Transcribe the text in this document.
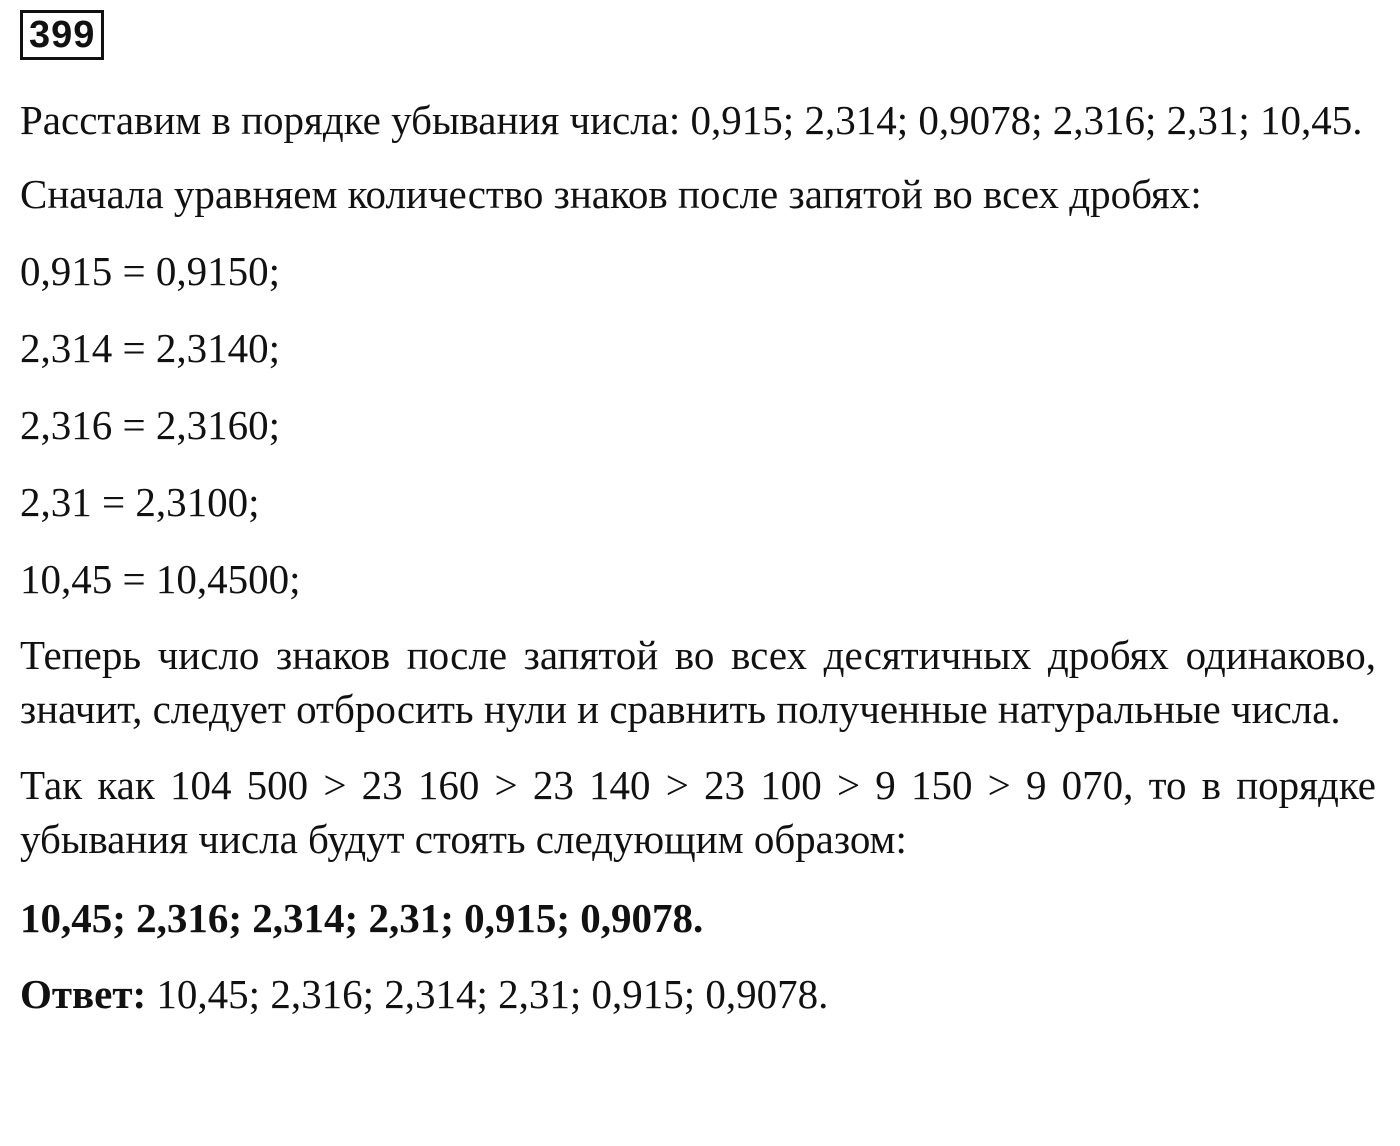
399

Расставим в порядке убывания числа: 0,915; 2,314; 0,9078; 2,316; 2,31; 10,45.

Сначала уравняем количество знаков после запятой во всех дробях:

0,915 = 0,9150;

2,314 = 2,3140;

2,316 = 2,3160;

2,31 = 2,3100;

10,45 = 10,4500;

Теперь число знаков после запятой во всех десятичных дробях одинаково, значит, следует отбросить нули и сравнить полученные натуральные числа.

Так как 104 500 > 23 160 > 23 140 > 23 100 > 9 150 > 9 070, то в порядке убывания числа будут стоять следующим образом:

10,45; 2,316; 2,314; 2,31; 0,915; 0,9078.

Ответ: 10,45; 2,316; 2,314; 2,31; 0,915; 0,9078.
